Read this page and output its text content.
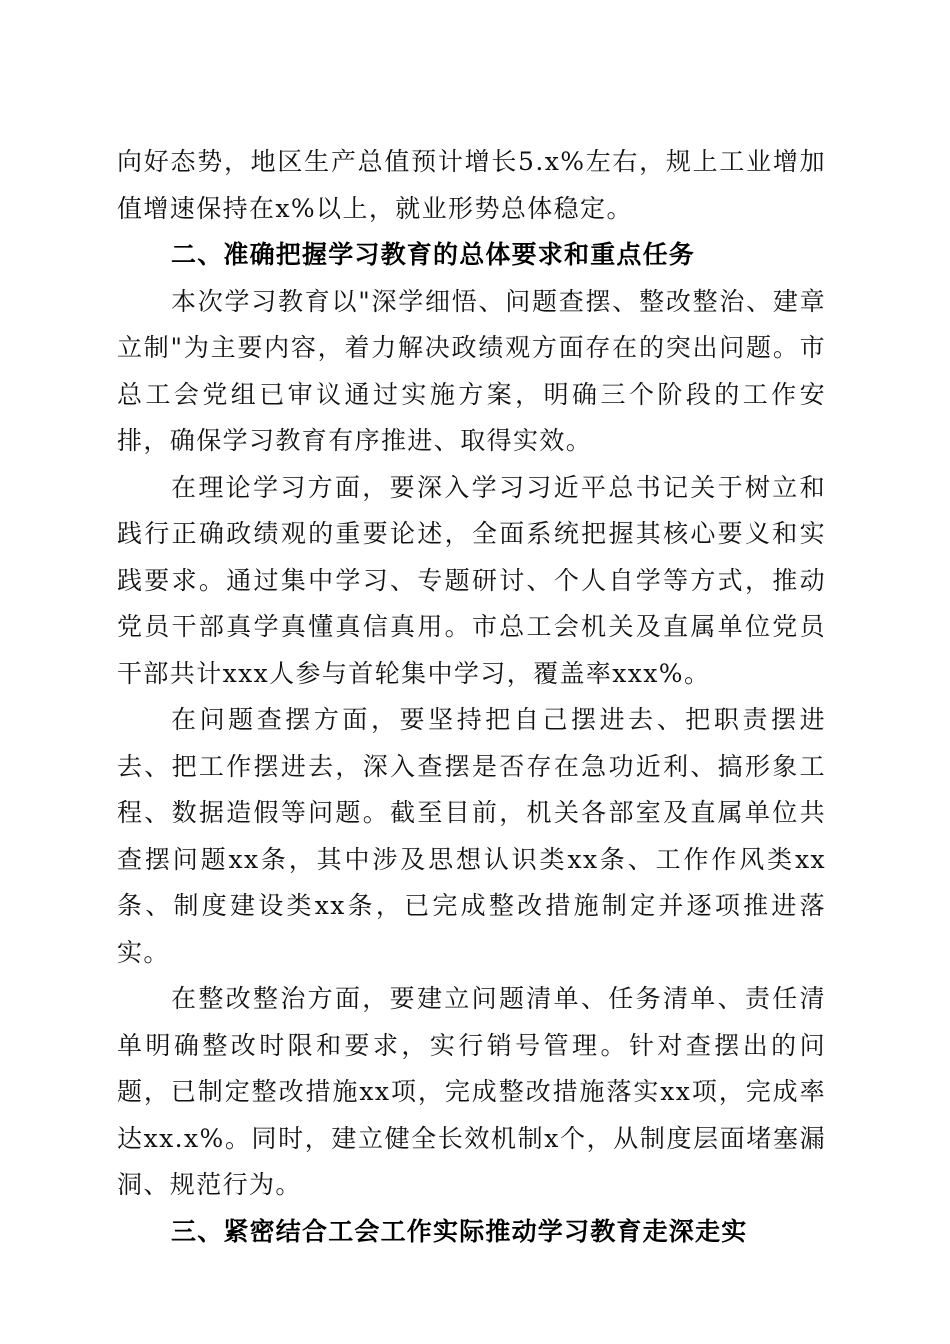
向好态势，地区生产总值预计增长5.x%左右，规上工业增加值增速保持在x%以上，就业形势总体稳定。

二、准确把握学习教育的总体要求和重点任务

本次学习教育以"深学细悟、问题查摆、整改整治、建章立制"为主要内容，着力解决政绩观方面存在的突出问题。市总工会党组已审议通过实施方案，明确三个阶段的工作安排，确保学习教育有序推进、取得实效。

在理论学习方面，要深入学习习近平总书记关于树立和践行正确政绩观的重要论述，全面系统把握其核心要义和实践要求。通过集中学习、专题研讨、个人自学等方式，推动党员干部真学真懂真信真用。市总工会机关及直属单位党员干部共计xxx人参与首轮集中学习，覆盖率xxx%。

在问题查摆方面，要坚持把自己摆进去、把职责摆进去、把工作摆进去，深入查摆是否存在急功近利、搞形象工程、数据造假等问题。截至目前，机关各部室及直属单位共查摆问题xx条，其中涉及思想认识类xx条、工作作风类xx条、制度建设类xx条，已完成整改措施制定并逐项推进落实。

在整改整治方面，要建立问题清单、任务清单、责任清单明确整改时限和要求，实行销号管理。针对查摆出的问题，已制定整改措施xx项，完成整改措施落实xx项，完成率达xx.x%。同时，建立健全长效机制x个，从制度层面堵塞漏洞、规范行为。

三、紧密结合工会工作实际推动学习教育走深走实
